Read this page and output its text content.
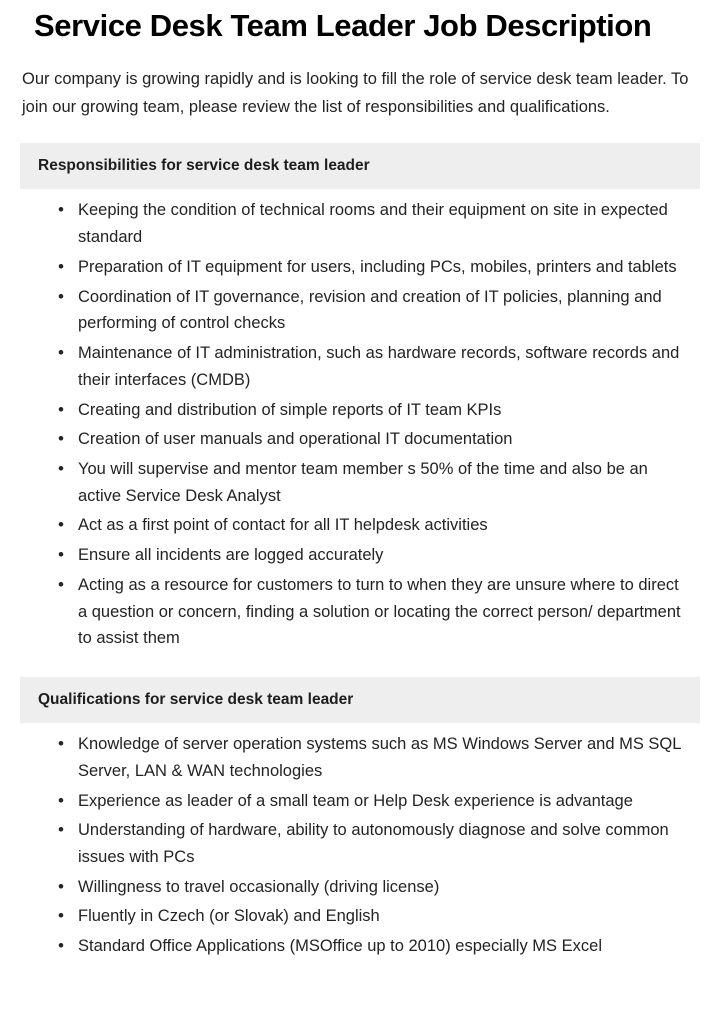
Service Desk Team Leader Job Description

Our company is growing rapidly and is looking to fill the role of service desk team leader. To join our growing team, please review the list of responsibilities and qualifications.

Responsibilities for service desk team leader
• Keeping the condition of technical rooms and their equipment on site in expected standard
• Preparation of IT equipment for users, including PCs, mobiles, printers and tablets
• Coordination of IT governance, revision and creation of IT policies, planning and performing of control checks
• Maintenance of IT administration, such as hardware records, software records and their interfaces (CMDB)
• Creating and distribution of simple reports of IT team KPIs
• Creation of user manuals and operational IT documentation
• You will supervise and mentor team member s 50% of the time and also be an active Service Desk Analyst
• Act as a first point of contact for all IT helpdesk activities
• Ensure all incidents are logged accurately
• Acting as a resource for customers to turn to when they are unsure where to direct a question or concern, finding a solution or locating the correct person/ department to assist them
Qualifications for service desk team leader
• Knowledge of server operation systems such as MS Windows Server and MS SQL Server, LAN & WAN technologies
• Experience as leader of a small team or Help Desk experience is advantage
• Understanding of hardware, ability to autonomously diagnose and solve common issues with PCs
• Willingness to travel occasionally (driving license)
• Fluently in Czech (or Slovak) and English
• Standard Office Applications (MSOffice up to 2010) especially MS Excel
